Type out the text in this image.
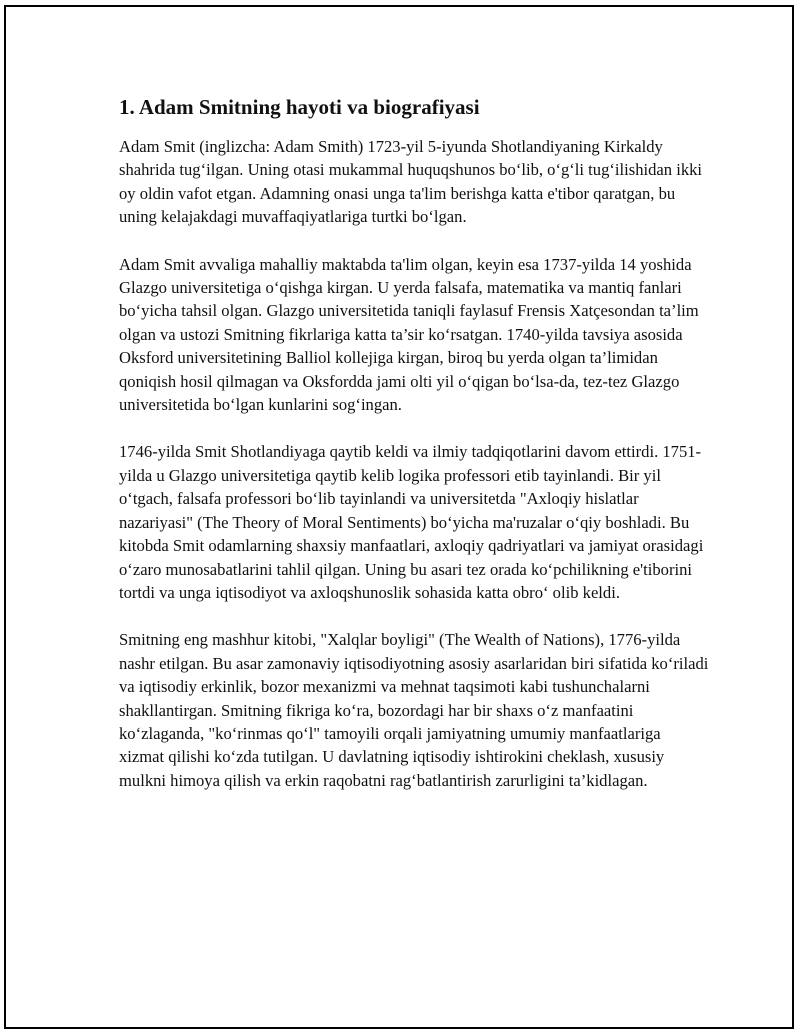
1. Adam Smitning hayoti va biografiyasi

Adam Smit (inglizcha: Adam Smith) 1723-yil 5-iyunda Shotlandiyaning Kirkaldy shahrida tug‘ilgan. Uning otasi mukammal huquqshunos bo‘lib, o‘g‘li tug‘ilishidan ikki oy oldin vafot etgan. Adamning onasi unga ta'lim berishga katta e'tibor qaratgan, bu uning kelajakdagi muvaffaqiyatlariga turtki bo‘lgan.

Adam Smit avvaliga mahalliy maktabda ta'lim olgan, keyin esa 1737-yilda 14 yoshida Glazgo universitetiga o‘qishga kirgan. U yerda falsafa, matematika va mantiq fanlari bo‘yicha tahsil olgan. Glazgo universitetida taniqli faylasuf Frensis Xatçesondan ta’lim olgan va ustozi Smitning fikrlariga katta ta’sir ko‘rsatgan. 1740-yilda tavsiya asosida Oksford universitetining Balliol kollejiga kirgan, biroq bu yerda olgan ta’limidan qoniqish hosil qilmagan va Oksfordda jami olti yil o‘qigan bo‘lsa-da, tez-tez Glazgo universitetida bo‘lgan kunlarini sog‘ingan.

1746-yilda Smit Shotlandiyaga qaytib keldi va ilmiy tadqiqotlarini davom ettirdi. 1751-yilda u Glazgo universitetiga qaytib kelib logika professori etib tayinlandi. Bir yil o‘tgach, falsafa professori bo‘lib tayinlandi va universitetda "Axloqiy hislatlar nazariyasi" (The Theory of Moral Sentiments) bo‘yicha ma'ruzalar o‘qiy boshladi. Bu kitobda Smit odamlarning shaxsiy manfaatlari, axloqiy qadriyatlari va jamiyat orasidagi o‘zaro munosabatlarini tahlil qilgan. Uning bu asari tez orada ko‘pchilikning e'tiborini tortdi va unga iqtisodiyot va axloqshunoslik sohasida katta obro‘ olib keldi.

Smitning eng mashhur kitobi, "Xalqlar boyligi" (The Wealth of Nations), 1776-yilda nashr etilgan. Bu asar zamonaviy iqtisodiyotning asosiy asarlaridan biri sifatida ko‘riladi va iqtisodiy erkinlik, bozor mexanizmi va mehnat taqsimoti kabi tushunchalarni shakllantirgan. Smitning fikriga ko‘ra, bozordagi har bir shaxs o‘z manfaatini ko‘zlaganda, "ko‘rinmas qo‘l" tamoyili orqali jamiyatning umumiy manfaatlariga xizmat qilishi ko‘zda tutilgan. U davlatning iqtisodiy ishtirokini cheklash, xususiy mulkni himoya qilish va erkin raqobatni rag‘batlantirish zarurligini ta’kidlagan.
